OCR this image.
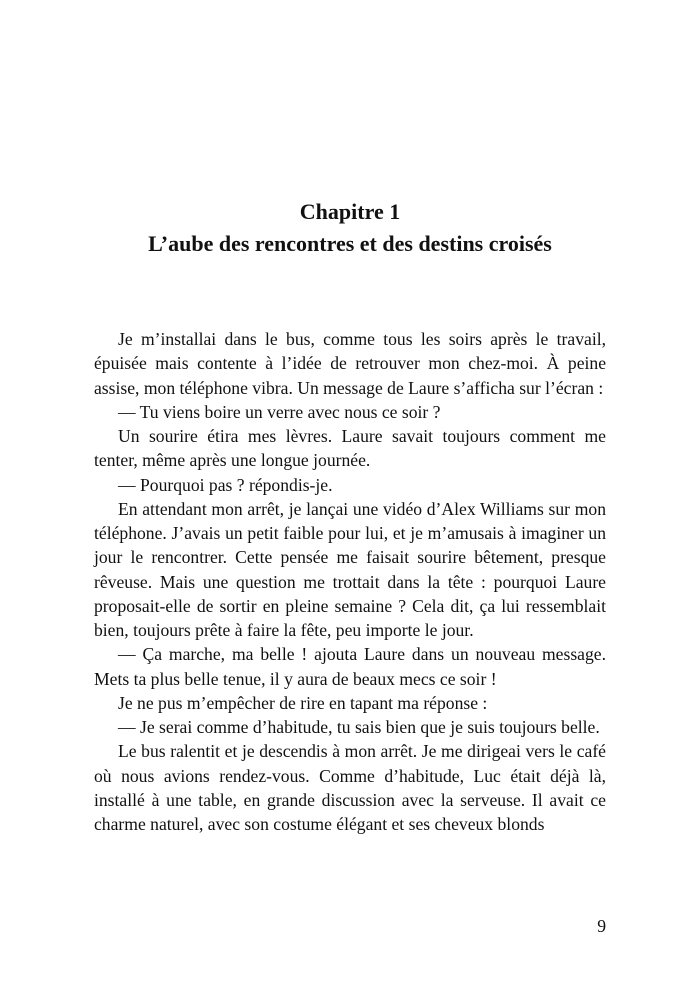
Chapitre 1
L’aube des rencontres et des destins croisés

Je m’installai dans le bus, comme tous les soirs après le travail, épuisée mais contente à l’idée de retrouver mon chez-moi. À peine assise, mon téléphone vibra. Un message de Laure s’afficha sur l’écran :

— Tu viens boire un verre avec nous ce soir ?

Un sourire étira mes lèvres. Laure savait toujours comment me tenter, même après une longue journée.

— Pourquoi pas ? répondis-je.

En attendant mon arrêt, je lançai une vidéo d’Alex Williams sur mon téléphone. J’avais un petit faible pour lui, et je m’amusais à imaginer un jour le rencontrer. Cette pensée me faisait sourire bêtement, presque rêveuse. Mais une question me trottait dans la tête : pourquoi Laure proposait-elle de sortir en pleine semaine ? Cela dit, ça lui ressemblait bien, toujours prête à faire la fête, peu importe le jour.

— Ça marche, ma belle ! ajouta Laure dans un nouveau message. Mets ta plus belle tenue, il y aura de beaux mecs ce soir !

Je ne pus m’empêcher de rire en tapant ma réponse :

— Je serai comme d’habitude, tu sais bien que je suis toujours belle.

Le bus ralentit et je descendis à mon arrêt. Je me dirigeai vers le café où nous avions rendez-vous. Comme d’habitude, Luc était déjà là, installé à une table, en grande discussion avec la serveuse. Il avait ce charme naturel, avec son costume élégant et ses cheveux blonds

9
